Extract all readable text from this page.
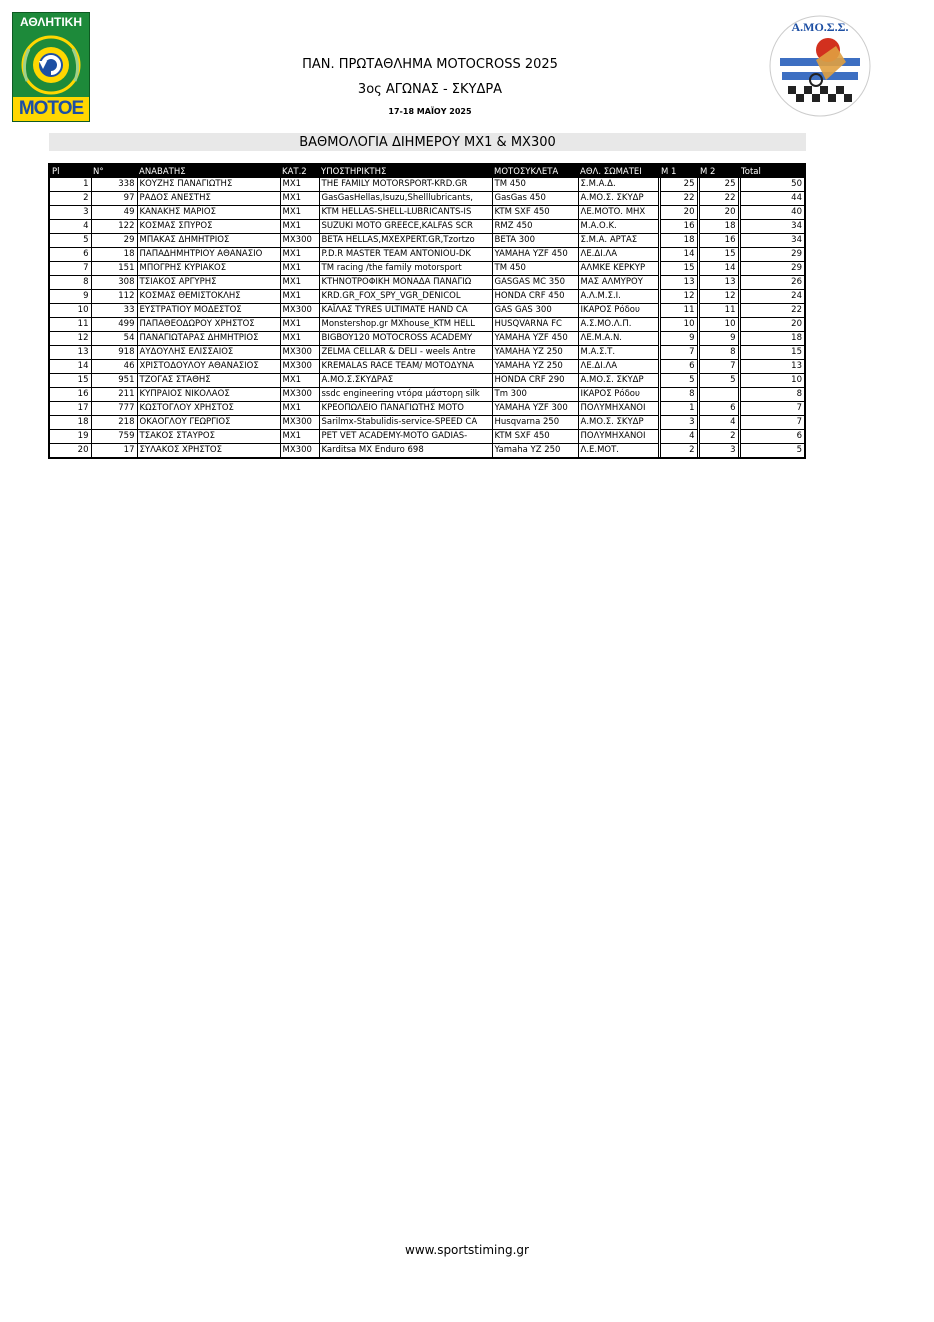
ΑΘΛΗΤΙΚΗ
ΜΟΤΟΕ
Α.ΜΟ.Σ.Σ.
ΠΑΝ. ΠΡΩΤΑΘΛΗΜΑ MOTOCROSS 2025
3ος ΑΓΩΝΑΣ - ΣΚΥΔΡΑ
17-18 ΜΑΪΟΥ 2025
ΒΑΘΜΟΛΟΓΙΑ ΔΙΗΜΕΡΟΥ ΜΧ1 & ΜΧ300
Pl	N°	ΑΝΑΒΑΤΗΣ	ΚΑΤ.2	ΥΠΟΣΤΗΡΙΚΤΗΣ	ΜΟΤΟΣΥΚΛΕΤΑ	ΑΘΛ. ΣΩΜΑΤΕΙ	M 1	M 2	Total
1	338	ΚΟΥΖΗΣ ΠΑΝΑΓΙΩΤΗΣ	MX1	THE FAMILY MOTORSPORT-KRD.GR	TM 450	Σ.Μ.Α.Δ.	25	25	50
2	97	ΡΑΔΟΣ ΑΝΕΣΤΗΣ	MX1	GasGasHellas,Isuzu,Shelllubricants,	GasGas 450	Α.ΜΟ.Σ. ΣΚΥΔΡ	22	22	44
3	49	ΚΑΝΑΚΗΣ ΜΑΡΙΟΣ	MX1	KTM HELLAS-SHELL-LUBRICANTS-IS	KTM SXF 450	ΛΕ.ΜΟΤΟ. ΜΗΧ	20	20	40
4	122	ΚΟΣΜΑΣ ΣΠΥΡΟΣ	MX1	SUZUKI MOTO GREECE,KALFAS SCR	RMZ 450	Μ.Α.Ο.Κ.	16	18	34
5	29	ΜΠΑΚΑΣ ΔΗΜΗΤΡΙΟΣ	MX300	BETA HELLAS,MXEXPERT.GR,Tzortzo	BETA 300	Σ.Μ.Α. ΑΡΤΑΣ	18	16	34
6	18	ΠΑΠΑΔΗΜΗΤΡΙΟΥ ΑΘΑΝΑΣΙΟ	MX1	P.D.R MASTER TEAM ANTONIOU-DK	YAMAHA YZF 450	ΛΕ.ΔΙ.ΛΑ	14	15	29
7	151	ΜΠΟΓΡΗΣ ΚΥΡΙΑΚΟΣ	MX1	TM racing /the family motorsport	TM 450	ΑΛΜΚΕ ΚΕΡΚΥΡ	15	14	29
8	308	ΤΣΙΑΚΟΣ ΑΡΓΥΡΗΣ	MX1	ΚΤΗΝΟΤΡΟΦΙΚΗ ΜΟΝΑΔΑ ΠΑΝΑΓΙΩ	GASGAS MC 350	ΜΑΣ ΑΛΜΥΡΟΥ	13	13	26
9	112	ΚΟΣΜΑΣ ΘΕΜΙΣΤΟΚΛΗΣ	MX1	KRD.GR_FOX_SPY_VGR_DENICOL	HONDA CRF 450	Α.Λ.Μ.Σ.Ι.	12	12	24
10	33	ΕΥΣΤΡΑΤΙΟΥ ΜΟΔΕΣΤΟΣ	MX300	ΚΑΪΛΑΣ TYRES ULTIMATE HAND CA	GAS GAS 300	ΙΚΑΡΟΣ Ρόδου	11	11	22
11	499	ΠΑΠΑΘΕΟΔΩΡΟΥ ΧΡΗΣΤΟΣ	MX1	Monstershop.gr MXhouse_KTM HELL	HUSQVARNA FC	Α.Σ.ΜΟ.Λ.Π.	10	10	20
12	54	ΠΑΝΑΓΙΩΤΑΡΑΣ ΔΗΜΗΤΡΙΟΣ	MX1	BIGBOY120 MOTOCROSS ACADEMY	YAMAHA YZF 450	ΛΕ.Μ.Α.Ν.	9	9	18
13	918	ΑΥΔΟΥΛΗΣ ΕΛΙΣΣΑΙΟΣ	MX300	ZELMA CELLAR & DELI - weels Antre	YAMAHA YZ 250	Μ.Α.Σ.Τ.	7	8	15
14	46	ΧΡΙΣΤΟΔΟΥΛΟΥ ΑΘΑΝΑΣΙΟΣ	MX300	KREMALAS RACE TEAM/ ΜΟΤΟΔΥΝΑ	YAMAHA YZ 250	ΛΕ.ΔΙ.ΛΑ	6	7	13
15	951	ΤΖΟΓΑΣ ΣΤΑΘΗΣ	MX1	Α.ΜΟ.Σ.ΣΚΥΔΡΑΣ	HONDA CRF 290	Α.ΜΟ.Σ. ΣΚΥΔΡ	5	5	10
16	211	ΚΥΠΡΑΙΟΣ ΝΙΚΟΛΑΟΣ	MX300	ssdc engineering ντόρα μάστορη silk	Tm 300	ΙΚΑΡΟΣ Ρόδου	8		8
17	777	ΚΩΣΤΟΓΛΟΥ ΧΡΗΣΤΟΣ	MX1	ΚΡΕΟΠΩΛΕΙΟ ΠΑΝΑΓΙΩΤΗΣ ΜΟΤΟ	YAMAHA YZF 300	ΠΟΛΥΜΗΧΑΝΟΙ	1	6	7
18	218	ΟΚΑΟΓΛΟΥ ΓΕΩΡΓΙΟΣ	MX300	Sarilmx-Stabulidis-service-SPEED CA	Husqvarna 250	Α.ΜΟ.Σ. ΣΚΥΔΡ	3	4	7
19	759	ΤΣΑΚΟΣ ΣΤΑΥΡΟΣ	MX1	PET VET ACADEMY-MOTO GADIAS-	KTM SXF 450	ΠΟΛΥΜΗΧΑΝΟΙ	4	2	6
20	17	ΣΥΛΑΚΟΣ ΧΡΗΣΤΟΣ	MX300	Karditsa MX Enduro 698	Yamaha YZ 250	Λ.Ε.ΜΟΤ.	2	3	5
www.sportstiming.gr
